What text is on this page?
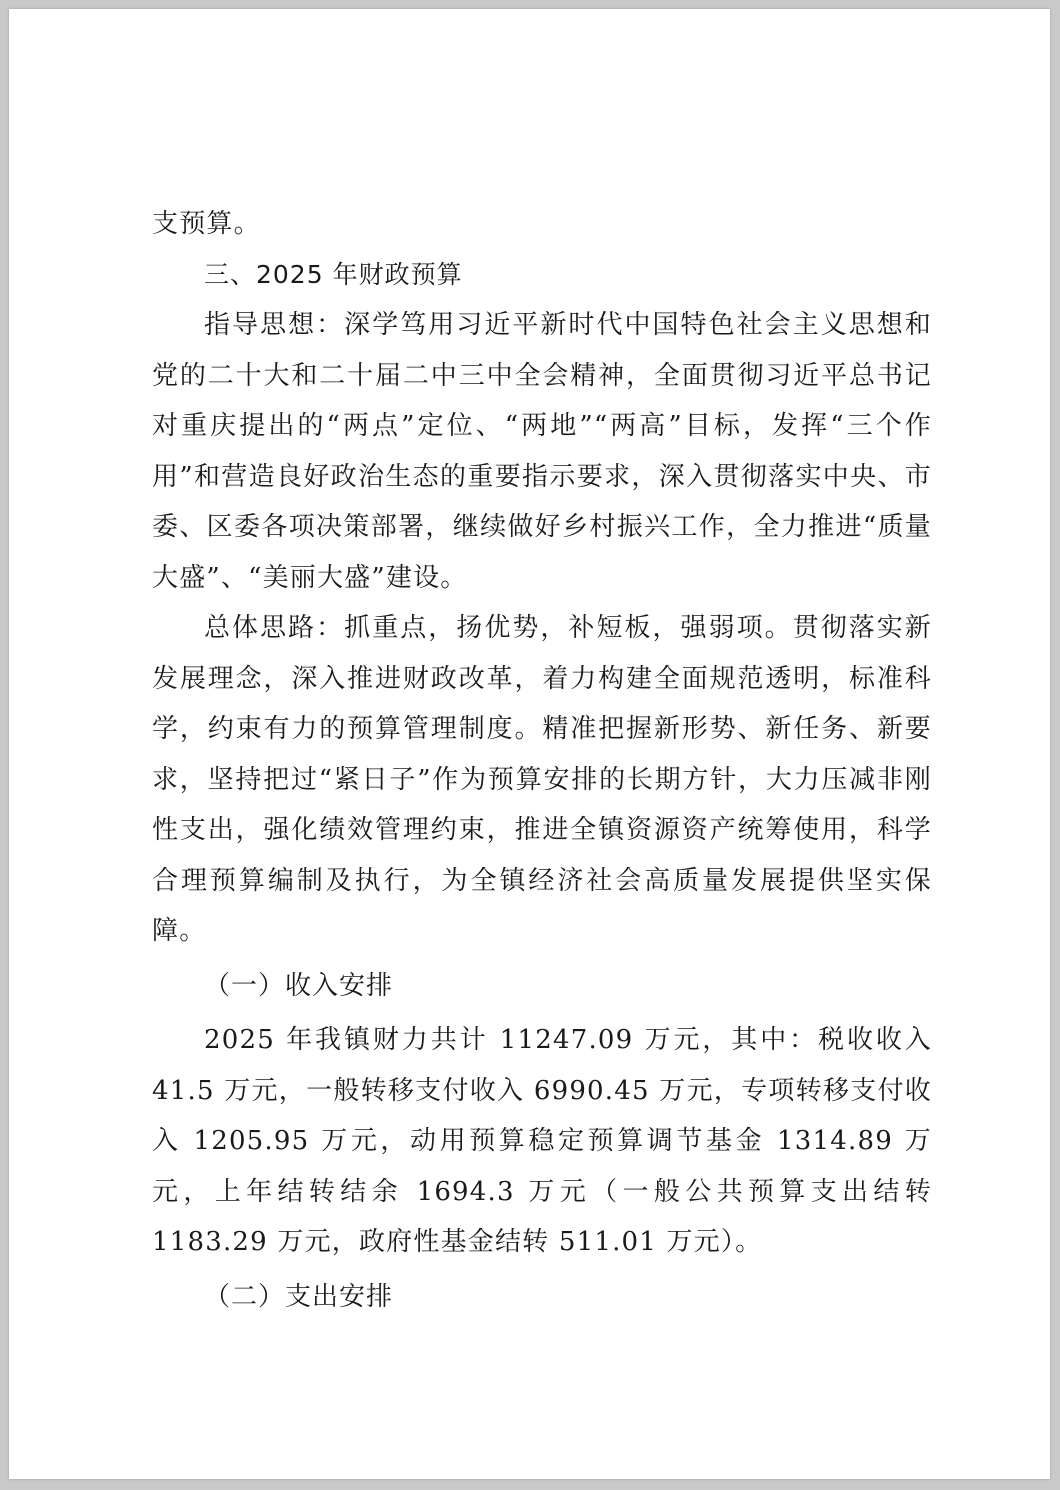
支预算。

三、2025 年财政预算

指导思想：深学笃用习近平新时代中国特色社会主义思想和党的二十大和二十届二中三中全会精神，全面贯彻习近平总书记对重庆提出的“两点”定位、“两地”“两高”目标，发挥“三个作用”和营造良好政治生态的重要指示要求，深入贯彻落实中央、市委、区委各项决策部署，继续做好乡村振兴工作，全力推进“质量大盛”、“美丽大盛”建设。

总体思路：抓重点，扬优势，补短板，强弱项。贯彻落实新发展理念，深入推进财政改革，着力构建全面规范透明，标准科学，约束有力的预算管理制度。精准把握新形势、新任务、新要求，坚持把过“紧日子”作为预算安排的长期方针，大力压减非刚性支出，强化绩效管理约束，推进全镇资源资产统筹使用，科学合理预算编制及执行，为全镇经济社会高质量发展提供坚实保障。

（一）收入安排

2025 年我镇财力共计 11247.09 万元，其中：税收收入 41.5 万元，一般转移支付收入 6990.45 万元，专项转移支付收入 1205.95 万元，动用预算稳定预算调节基金 1314.89 万元，上年结转结余 1694.3 万元（一般公共预算支出结转 1183.29 万元，政府性基金结转 511.01 万元）。

（二）支出安排
